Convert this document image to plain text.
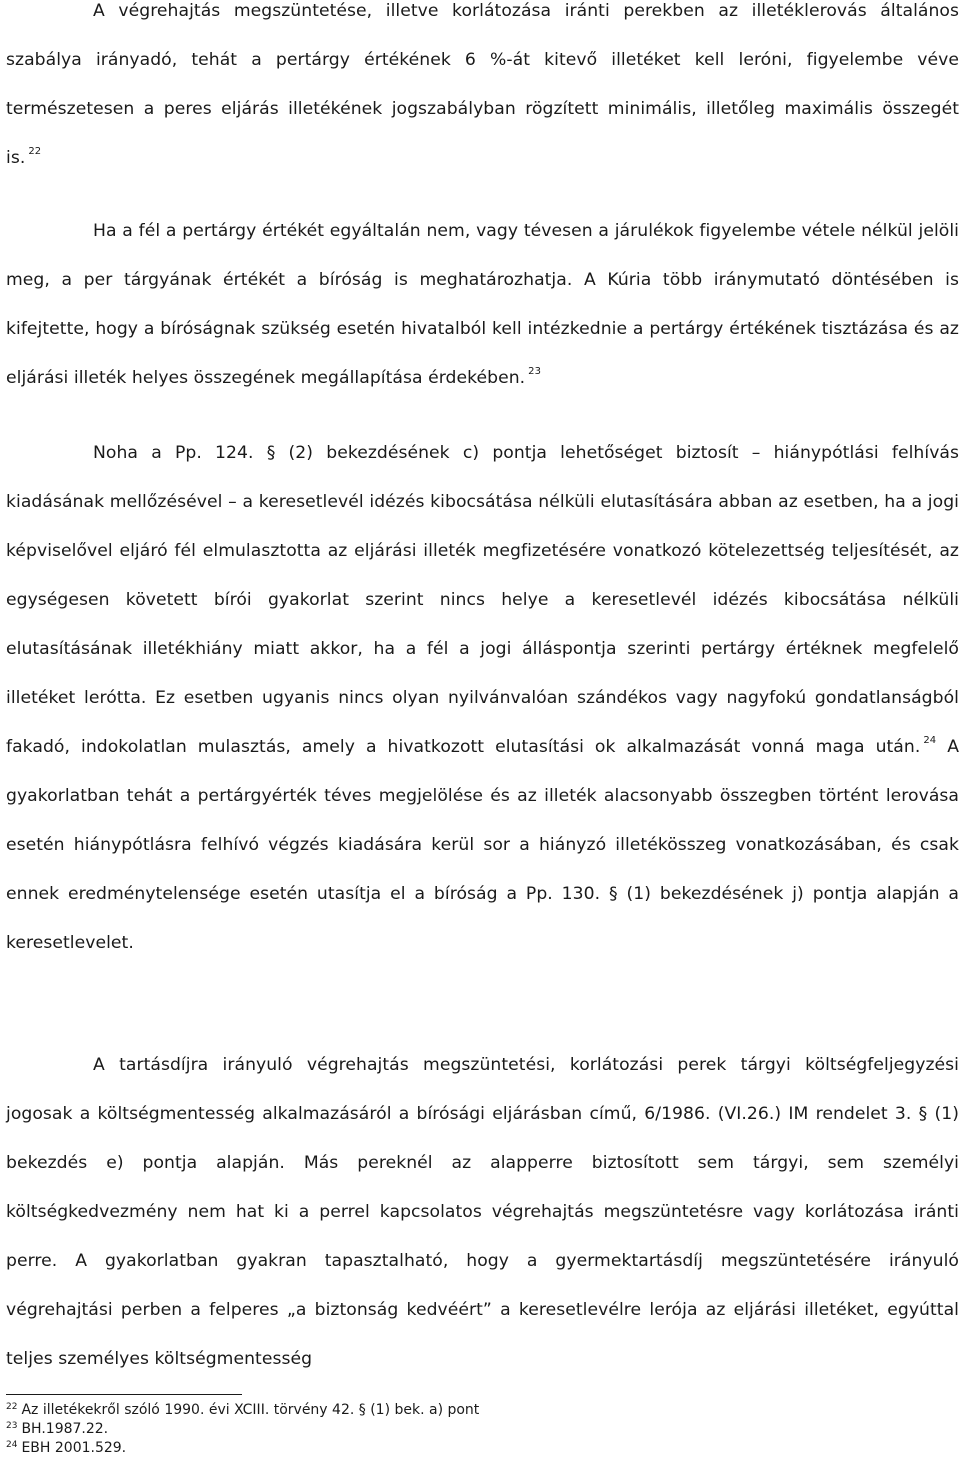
A végrehajtás megszüntetése, illetve korlátozása iránti perekben az illetéklerovás általános szabálya irányadó, tehát a pertárgy értékének 6 %-át kitevő illetéket kell leróni, figyelembe véve természetesen a peres eljárás illetékének jogszabályban rögzített minimális, illetőleg maximális összegét is. $^{22}$

Ha a fél a pertárgy értékét egyáltalán nem, vagy tévesen a járulékok figyelembe vétele nélkül jelöli meg, a per tárgyának értékét a bíróság is meghatározhatja. A Kúria több iránymutató döntésében is kifejtette, hogy a bíróságnak szükség esetén hivatalból kell intézkednie a pertárgy értékének tisztázása és az eljárási illeték helyes összegének megállapítása érdekében. $^{23}$

Noha a Pp. 124. § (2) bekezdésének c) pontja lehetőséget biztosít – hiánypótlási felhívás kiadásának mellőzésével – a keresetlevél idézés kibocsátása nélküli elutasítására abban az esetben, ha a jogi képviselővel eljáró fél elmulasztotta az eljárási illeték megfizetésére vonatkozó kötelezettség teljesítését, az egységesen követett bírói gyakorlat szerint nincs helye a keresetlevél idézés kibocsátása nélküli elutasításának illetékhiány miatt akkor, ha a fél a jogi álláspontja szerinti pertárgy értéknek megfelelő illetéket lerótta. Ez esetben ugyanis nincs olyan nyilvánvalóan szándékos vagy nagyfokú gondatlanságból fakadó, indokolatlan mulasztás, amely a hivatkozott elutasítási ok alkalmazását vonná maga után. $^{24}$ A gyakorlatban tehát a pertárgyérték téves megjelölése és az illeték alacsonyabb összegben történt lerovása esetén hiánypótlásra felhívó végzés kiadására kerül sor a hiányzó illetékösszeg vonatkozásában, és csak ennek eredménytelensége esetén utasítja el a bíróság a Pp. 130. § (1) bekezdésének j) pontja alapján a keresetlevelet.

A tartásdíjra irányuló végrehajtás megszüntetési, korlátozási perek tárgyi költségfeljegyzési jogosak a költségmentesség alkalmazásáról a bírósági eljárásban című, 6/1986. (VI.26.) IM rendelet 3. § (1) bekezdés e) pontja alapján. Más pereknél az alapperre biztosított sem tárgyi, sem személyi költségkedvezmény nem hat ki a perrel kapcsolatos végrehajtás megszüntetésre vagy korlátozása iránti perre. A gyakorlatban gyakran tapasztalható, hogy a gyermektartásdíj megszüntetésére irányuló végrehajtási perben a felperes „a biztonság kedvéért” a keresetlevélre lerója az eljárási illetéket, egyúttal teljes személyes költségmentesség

$^{22}$ Az illetékekről szóló 1990. évi XCIII. törvény 42. § (1) bek. a) pont
$^{23}$ BH.1987.22.
$^{24}$ EBH 2001.529.
